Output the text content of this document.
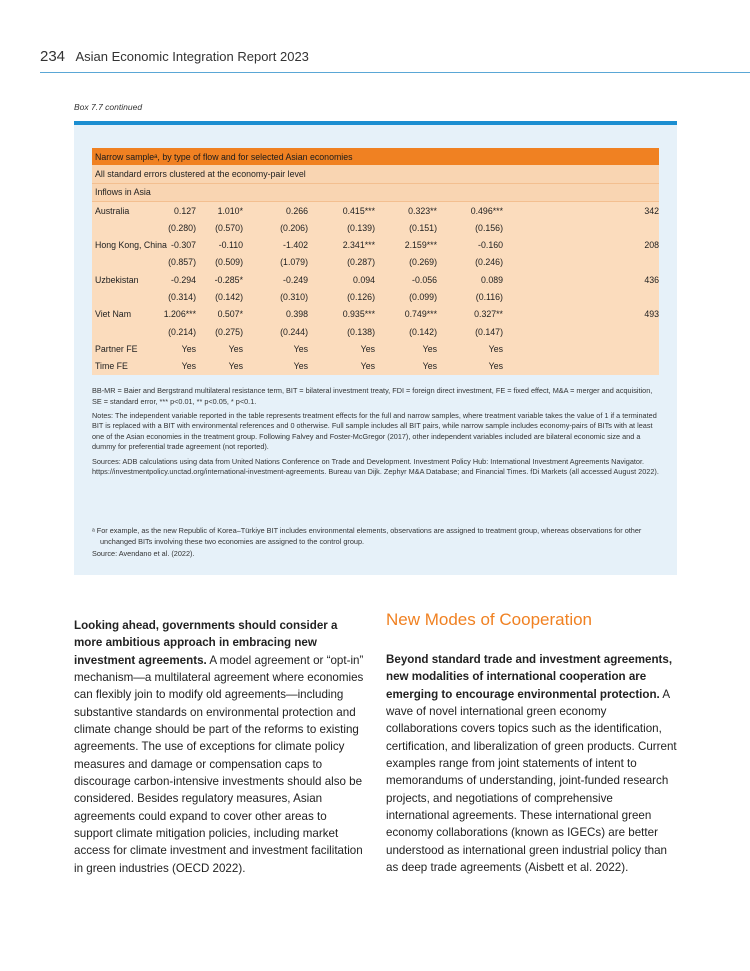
234 Asian Economic Integration Report 2023
Box 7.7 continued
Narrow sampleᵃ, by type of flow and for selected Asian economies
All standard errors clustered at the economy-pair level
Inflows in Asia
Australia	0.127 1.010*	0.266	0.415***	0.323**	0.496***	342
(0.280) (0.570)	(0.206)	(0.139)	(0.151)	(0.156)
Hong Kong, China -0.307	-0.110	-1.402	2.341***	2.159***	-0.160	208
(0.857) (0.509)	(1.079)	(0.287)	(0.269)	(0.246)
Uzbekistan	-0.294 -0.285*	-0.249	0.094	-0.056	0.089	436
(0.314) (0.142)	(0.310)	(0.126)	(0.099)	(0.116)
Viet Nam	1.206*** 0.507*	0.398	0.935***	0.749***	0.327**	493
(0.214) (0.275)	(0.244)	(0.138)	(0.142)	(0.147)
Partner FE	Yes	Yes	Yes	Yes	Yes	Yes
Time FE	Yes	Yes	Yes	Yes	Yes	Yes

BB-MR = Baier and Bergstrand multilateral resistance term, BIT = bilateral investment treaty, FDI = foreign direct investment, FE = fixed effect, M&A = merger and acquisition, SE = standard error, *** p<0.01, ** p<0.05, * p<0.1.

Notes: The independent variable reported in the table represents treatment effects for the full and narrow samples, where treatment variable takes the value of 1 if a terminated BIT is replaced with a BIT with environmental references and 0 otherwise. Full sample includes all BIT pairs, while narrow sample includes economy-pairs of BITs with at least one of the Asian economies in the treatment group. Following Falvey and Foster-McGregor (2017), other independent variables included are bilateral economic size and a dummy for preferential trade agreement (not reported).

Sources: ADB calculations using data from United Nations Conference on Trade and Development. Investment Policy Hub: International Investment Agreements Navigator. https://investmentpolicy.unctad.org/international-investment-agreements. Bureau van Dijk. Zephyr M&A Database; and Financial Times. fDi Markets (all accessed August 2022).

ᵃ For example, as the new Republic of Korea–Türkiye BIT includes environmental elements, observations are assigned to treatment group, whereas observations for other unchanged BITs involving these two economies are assigned to the control group.

Source: Avendano et al. (2022).

Looking ahead, governments should consider a more ambitious approach in embracing new investment agreements. A model agreement or “opt-in” mechanism—a multilateral agreement where economies can flexibly join to modify old agreements—including substantive standards on environmental protection and climate change should be part of the reforms to existing agreements. The use of exceptions for climate policy measures and damage or compensation caps to discourage carbon-intensive investments should also be considered. Besides regulatory measures, Asian agreements could expand to cover other areas to support climate mitigation policies, including market access for climate investment and investment facilitation in green industries (OECD 2022).
New Modes of Cooperation
Beyond standard trade and investment agreements, new modalities of international cooperation are emerging to encourage environmental protection. A wave of novel international green economy collaborations covers topics such as the identification, certification, and liberalization of green products. Current examples range from joint statements of intent to memorandums of understanding, joint-funded research projects, and negotiations of comprehensive international agreements. These international green economy collaborations (known as IGECs) are better understood as international green industrial policy than as deep trade agreements (Aisbett et al. 2022).
